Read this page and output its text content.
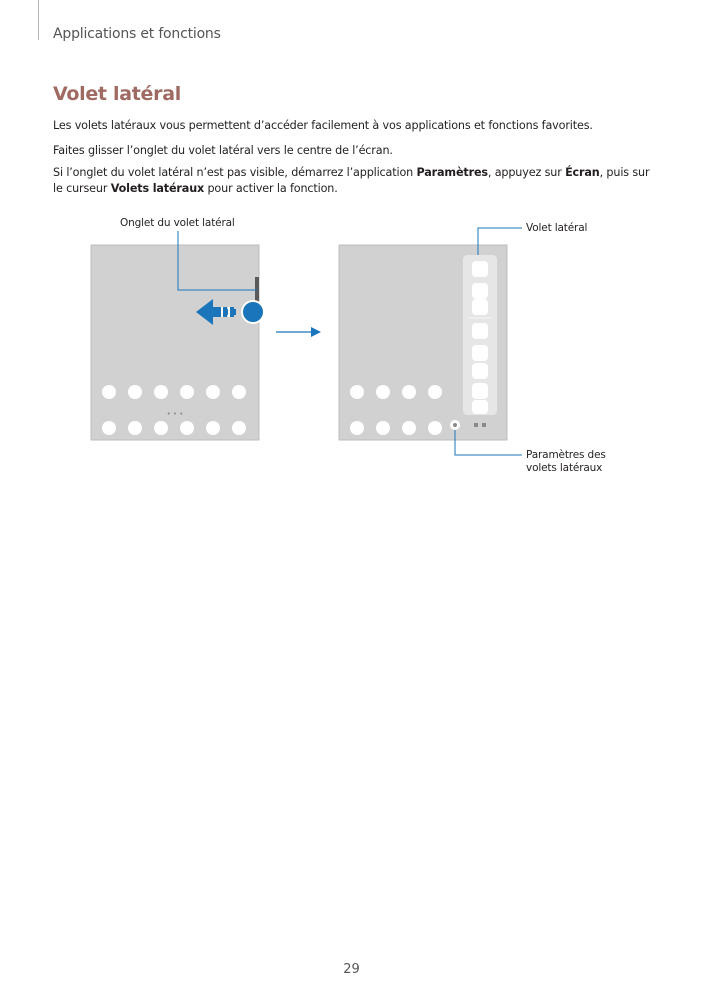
Applications et fonctions
Volet latéral
Les volets latéraux vous permettent d’accéder facilement à vos applications et fonctions favorites.
Faites glisser l’onglet du volet latéral vers le centre de l’écran.
Si l’onglet du volet latéral n’est pas visible, démarrez l’application Paramètres, appuyez sur Écran, puis sur le curseur Volets latéraux pour activer la fonction.
• • •
Onglet du volet latéral	Volet latéral
Paramètres des volets latéraux
29
